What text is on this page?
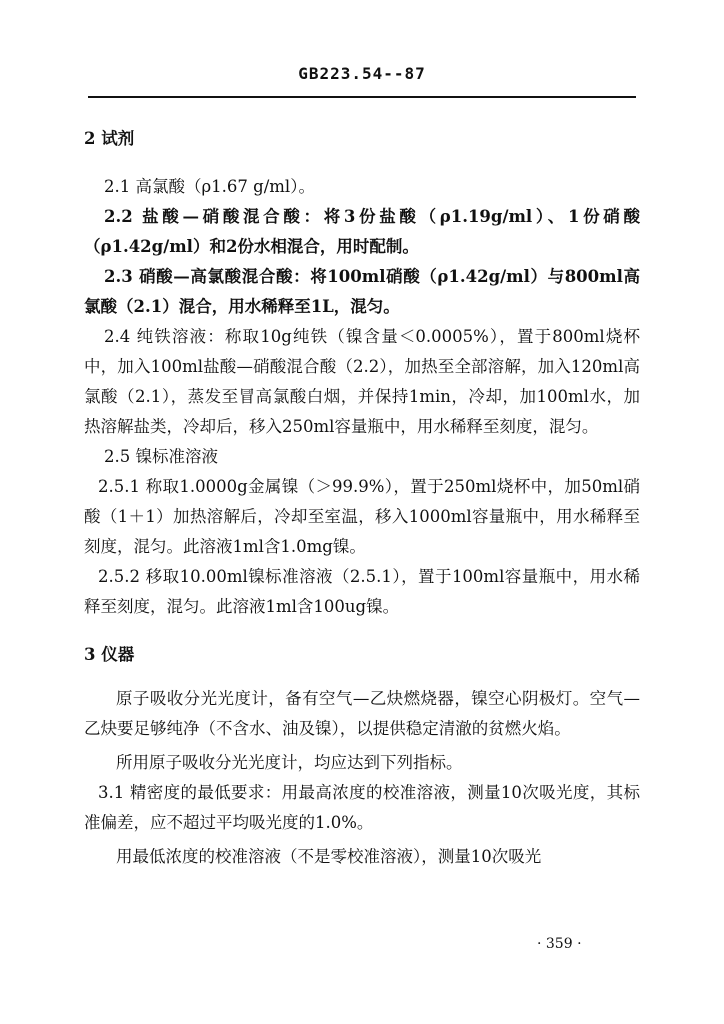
GB223.54--87

2 试剂

2.1 高氯酸（ρ1.67 g/ml）。

2.2 盐酸—硝酸混合酸：将3份盐酸（ρ1.19g/ml）、1份硝酸（ρ1.42g/ml）和2份水相混合，用时配制。

2.3 硝酸—高氯酸混合酸：将100ml硝酸（ρ1.42g/ml）与800ml高氯酸（2.1）混合，用水稀释至1L，混匀。

2.4 纯铁溶液：称取10g纯铁（镍含量＜0.0005%），置于800ml烧杯中，加入100ml盐酸—硝酸混合酸（2.2），加热至全部溶解，加入120ml高氯酸（2.1），蒸发至冒高氯酸白烟，并保持1min，冷却，加100ml水，加热溶解盐类，冷却后，移入250ml容量瓶中，用水稀释至刻度，混匀。

2.5 镍标准溶液

2.5.1 称取1.0000g金属镍（＞99.9%），置于250ml烧杯中，加50ml硝酸（1＋1）加热溶解后，冷却至室温，移入1000ml容量瓶中，用水稀释至刻度，混匀。此溶液1ml含1.0mg镍。

2.5.2 移取10.00ml镍标准溶液（2.5.1），置于100ml容量瓶中，用水稀释至刻度，混匀。此溶液1ml含100ug镍。

3 仪器

原子吸收分光光度计，备有空气—乙炔燃烧器，镍空心阴极灯。空气—乙炔要足够纯净（不含水、油及镍），以提供稳定清澈的贫燃火焰。

所用原子吸收分光光度计，均应达到下列指标。

3.1 精密度的最低要求：用最高浓度的校准溶液，测量10次吸光度，其标准偏差，应不超过平均吸光度的1.0%。

用最低浓度的校准溶液（不是零校准溶液），测量10次吸光

· 359 ·
